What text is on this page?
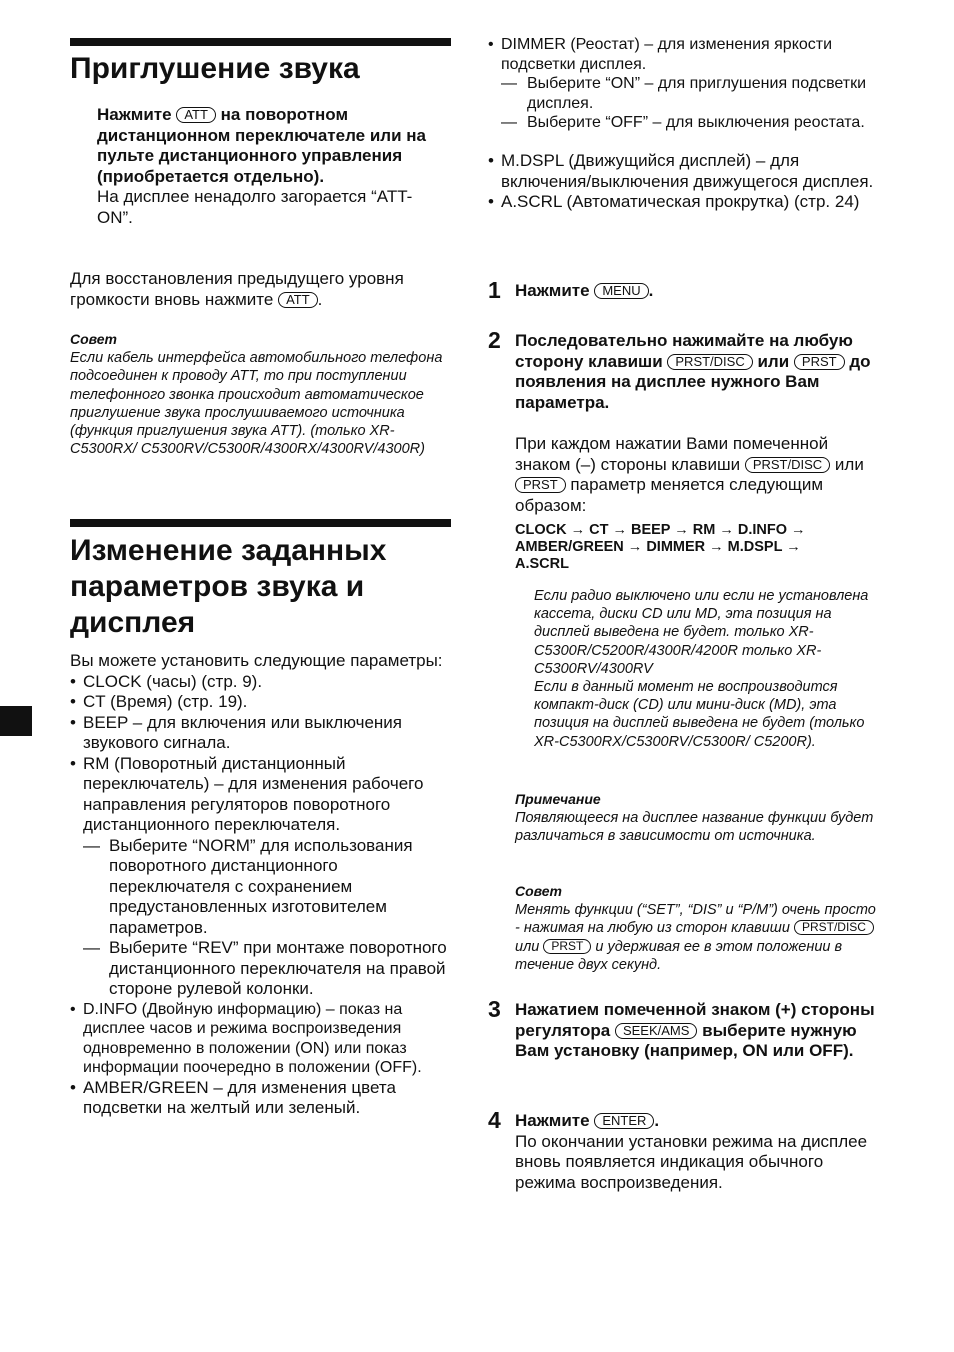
Приглушение звука
Нажмите ATT на поворотном дистанционном переключателе или на пульте дистанционного управления (приобретается отдельно).
На дисплее ненадолго загорается “ATT-ON”.
Для восстановления предыдущего уровня громкости вновь нажмите ATT .
Совет
Если кабель интерфейса автомобильного телефона подсоединен к проводу ATT, то при поступлении телефонного звонка происходит автоматическое приглушение звука прослушиваемого источника (функция приглушения звука ATT). (только XR-C5300RX/ C5300RV/C5300R/4300RX/4300RV/4300R)
Изменение заданных параметров звука и дисплея
Вы можете установить следующие параметры:
• CLOCK (часы) (стр. 9).
• CT (Время) (стр. 19).
• BEEP – для включения или выключения звукового сигнала.
• RM (Поворотный дистанционный переключатель) – для изменения рабочего направления регуляторов поворотного дистанционного переключателя.
— Выберите “NORM” для использования поворотного дистанционного переключателя с сохранением предустановленных изготовителем параметров.
— Выберите “REV” при монтаже поворотного дистанционного переключателя на правой стороне рулевой колонки.
• D.INFO (Двойную информацию) – показ на дисплее часов и режима воспроизведения одновременно в положении (ON) или показ информации поочередно в положении (OFF).
• AMBER/GREEN – для изменения цвета подсветки на желтый или зеленый.
• DIMMER (Реостат) – для изменения яркости подсветки дисплея.
— Выберите “ON” – для приглушения подсветки дисплея.
— Выберите “OFF” – для выключения реостата.
• M.DSPL (Движущийся дисплей) – для включения/выключения движущегося дисплея.
• A.SCRL (Автоматическая прокрутка) (стр. 24)
1 Нажмите MENU .
2 Последовательно нажимайте на любую сторону клавиши PRST/DISC или PRST до появления на дисплее нужного Вам параметра.
При каждом нажатии Вами помеченной знаком (–) стороны клавиши PRST/DISC или PRST параметр меняется следующим образом:
CLOCK → CT → BEEP → RM → D.INFO →
AMBER/GREEN → DIMMER → M.DSPL →
A.SCRL
Если радио выключено или если не установлена кассета, диски CD или MD, эта позиция на дисплей выведена не будет. только XR-C5300R/C5200R/4300R/4200R только XR-C5300RV/4300RV
Если в данный момент не воспроизводится компакт-диск (CD) или мини-диск (MD), эта позиция на дисплей выведена не будет (только XR-C5300RX/C5300RV/C5300R/ C5200R).
Примечание
Появляющееся на дисплее название функции будет различаться в зависимости от источника.
Совет
Менять функции (“SET”, “DIS” и “P/M”) очень просто - нажимая на любую из сторон клавиши PRST/DISC или PRST и удерживая ее в этом положении в течение двух секунд.
3 Нажатием помеченной знаком (+) стороны регулятора SEEK/AMS выберите нужную Вам установку (например, ON или OFF).
4 Нажмите ENTER .
По окончании установки режима на дисплее вновь появляется индикация обычного режима воспроизведения.
